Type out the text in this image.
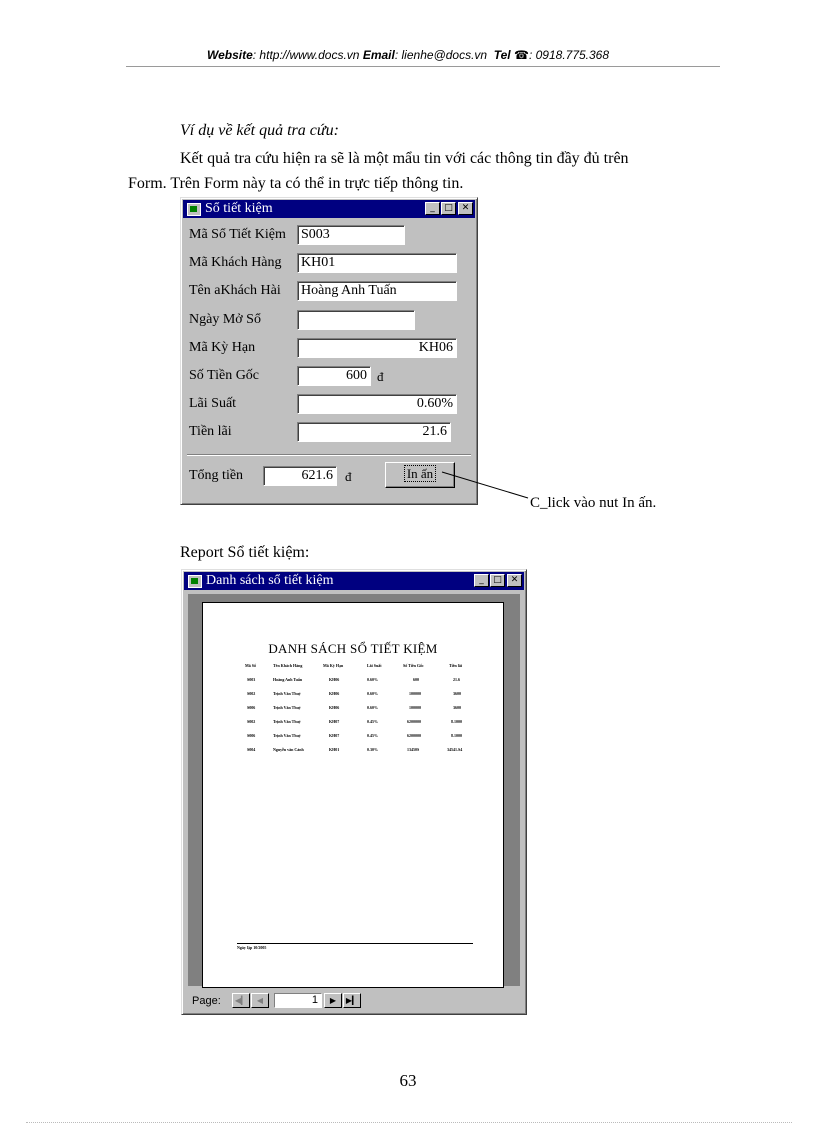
Website: http://www.docs.vn Email: lienhe@docs.vn Tel ☎: 0918.775.368
Ví dụ về kết quả tra cứu:
Kết quả tra cứu hiện ra sẽ là một mẩu tin với các thông tin đầy đủ trên
Form. Trên Form này ta có thể in trực tiếp thông tin.
Sổ tiết kiệm	_	□ ✕
Mã Sổ Tiết Kiệm S003
Mã Khách Hàng KH01
Tên aKhách Hài Hoàng Anh Tuấn
Ngày Mở Sổ
Mã Kỳ Hạn	KH06
Số Tiền Gốc	600 đ
Lãi Suất	0.60%
Tiền lãi	21.6
Tổng tiền	621.6 đ	In ấn
C_lick vào nut In ấn.
Report Sổ tiết kiệm:
Danh sách sổ tiết kiệm	_	□ ✕
DANH SÁCH SỔ TIẾT KIỆM
Mã Số	Tên Khách Hàng	Mã Kỳ Hạn	Lãi Suất	Số Tiền Gốc	Tiền lãi
S003	Hoàng Anh Tuấn	KH06	0.60%	600	21.6
S002	Trịnh Văn Thuỷ	KH06	0.60%	100000	3600
S006	Trịnh Văn Thuỷ	KH06	0.60%	100000	3600
S002	Trịnh Văn Thuỷ	KH07	0.45%	6200000	8.1000
S006	Trịnh Văn Thuỷ	KH07	0.45%	6200000	8.1000
S004	Nguyễn văn Cảnh	KH01	0.30%	13450S	34541.S4
Ngày lập 10/2005
Page:	◀▎	◀	1	▶	▶▎
63
